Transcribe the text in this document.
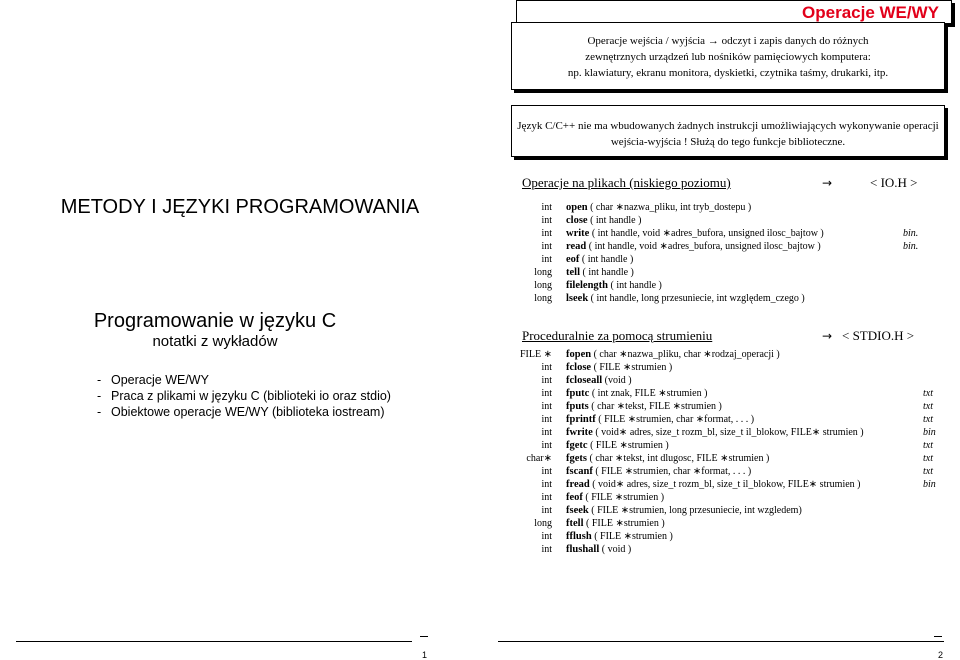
METODY I JĘZYKI PROGRAMOWANIA
Programowanie w języku C
notatki z wykładów
- Operacje WE/WY
- Praca z plikami w języku C (biblioteki io oraz stdio)
- Obiektowe operacje WE/WY (biblioteka iostream)
Operacje WE/WY
Operacje wejścia / wyjścia → odczyt i zapis danych do różnych
zewnętrznych urządzeń lub nośników pamięciowych komputera:
np. klawiatury, ekranu monitora, dyskietki, czytnika taśmy, drukarki, itp.
Język C/C++ nie ma wbudowanych żadnych instrukcji umożliwiających wykonywanie operacji
wejścia-wyjścia ! Służą do tego funkcje biblioteczne.
Operacje na plikach (niskiego poziomu)	→	< IO.H >
int open ( char ∗nazwa_pliku, int tryb_dostepu )
int close ( int handle )
int write ( int handle, void ∗adres_bufora, unsigned ilosc_bajtow )	bin.
int read ( int handle, void ∗adres_bufora, unsigned ilosc_bajtow )	bin.
int eof ( int handle )
long tell ( int handle )
long filelength ( int handle )
long lseek ( int handle, long przesuniecie, int względem_czego )
Proceduralnie za pomocą strumieniu	→ < STDIO.H >
FILE ∗ fopen ( char ∗nazwa_pliku, char ∗rodzaj_operacji )
int fclose ( FILE ∗strumien )
int fcloseall (void )
int fputc ( int znak, FILE ∗strumien )	txt
int fputs ( char ∗tekst, FILE ∗strumien )	txt
int fprintf ( FILE ∗strumien, char ∗format, . . . )	txt
int fwrite ( void∗ adres, size_t rozm_bl, size_t il_blokow, FILE∗ strumien )	bin
int fgetc ( FILE ∗strumien )	txt
char∗ fgets ( char ∗tekst, int dlugosc, FILE ∗strumien )	txt
int fscanf ( FILE ∗strumien, char ∗format, . . . )	txt
int fread ( void∗ adres, size_t rozm_bl, size_t il_blokow, FILE∗ strumien )	bin
int feof ( FILE ∗strumien )
int fseek ( FILE ∗strumien, long przesuniecie, int wzgledem)
long ftell ( FILE ∗strumien )
int fflush ( FILE ∗strumien )
int flushall ( void )
1	2
